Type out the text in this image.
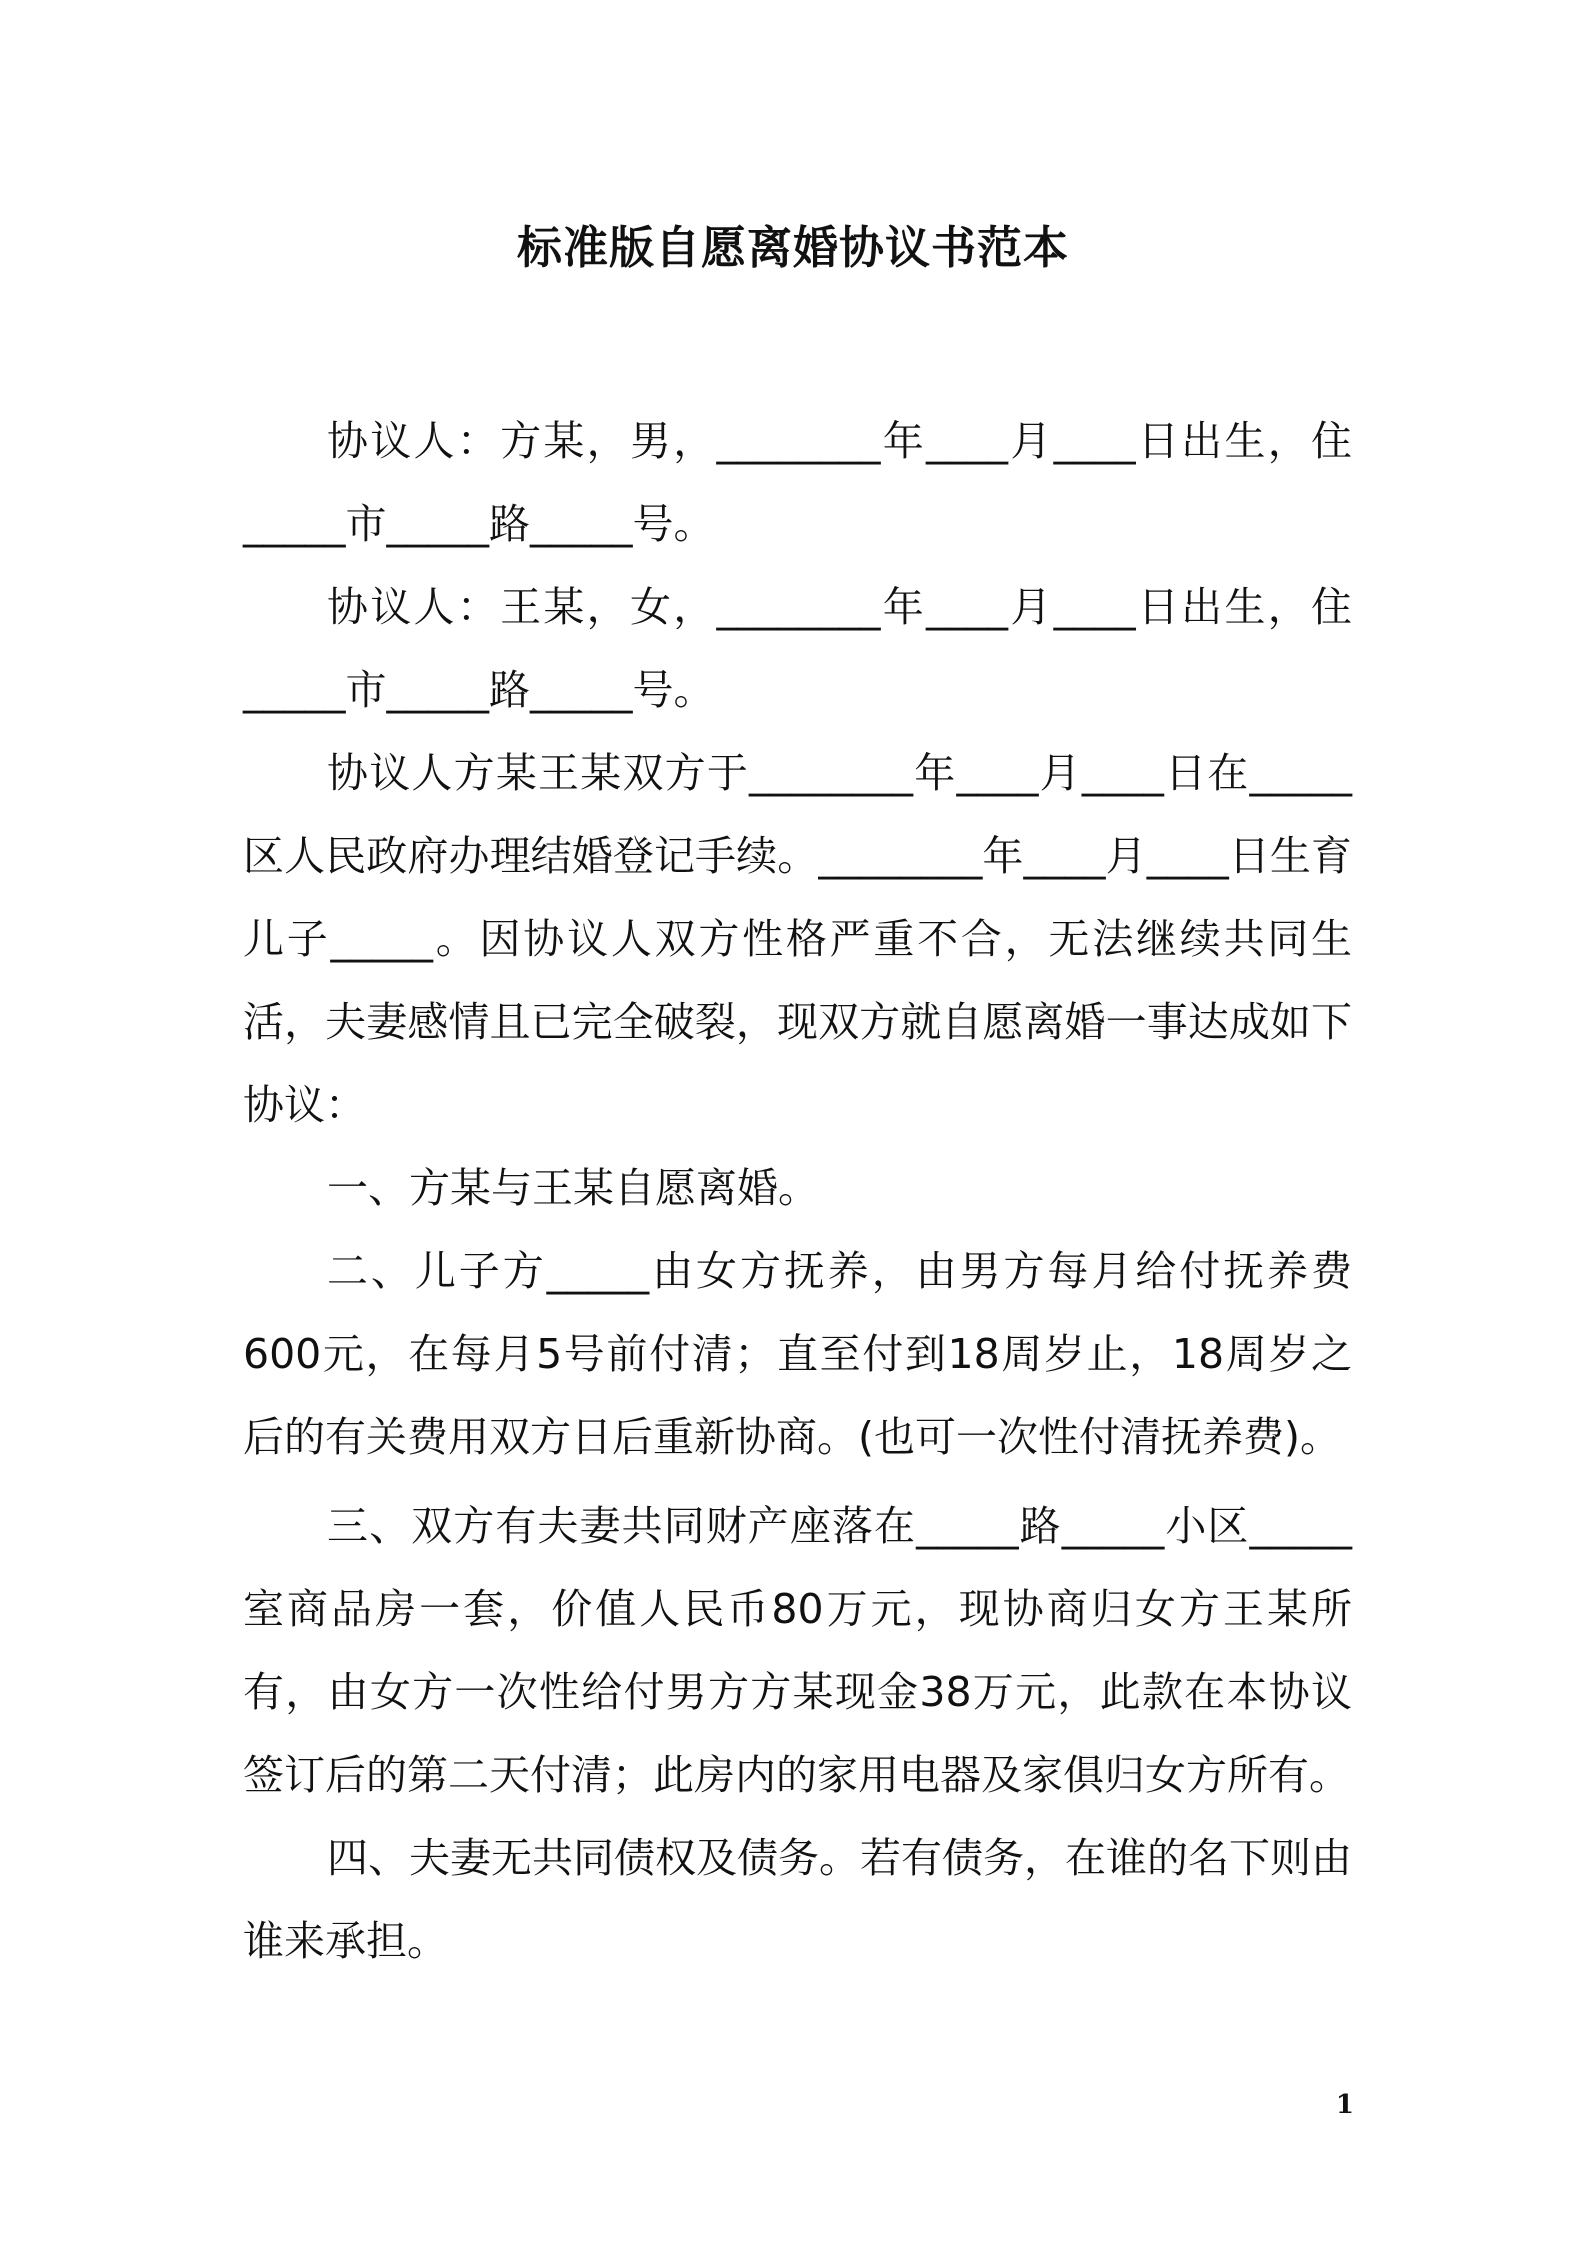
标准版自愿离婚协议书范本

协议人：方某，男，________年____月____日出生，住_____市_____路_____号。

协议人：王某，女，________年____月____日出生，住_____市_____路_____号。

协议人方某王某双方于________年____月____日在_____区人民政府办理结婚登记手续。________年____月____日生育儿子_____。因协议人双方性格严重不合，无法继续共同生活，夫妻感情且已完全破裂，现双方就自愿离婚一事达成如下协议：

一、方某与王某自愿离婚。

二、儿子方_____由女方抚养，由男方每月给付抚养费600元，在每月5号前付清；直至付到18周岁止，18周岁之后的有关费用双方日后重新协商。(也可一次性付清抚养费)。

三、双方有夫妻共同财产座落在_____路_____小区_____室商品房一套，价值人民币80万元，现协商归女方王某所有，由女方一次性给付男方方某现金38万元，此款在本协议签订后的第二天付清；此房内的家用电器及家俱归女方所有。

四、夫妻无共同债权及债务。若有债务，在谁的名下则由谁来承担。

1
